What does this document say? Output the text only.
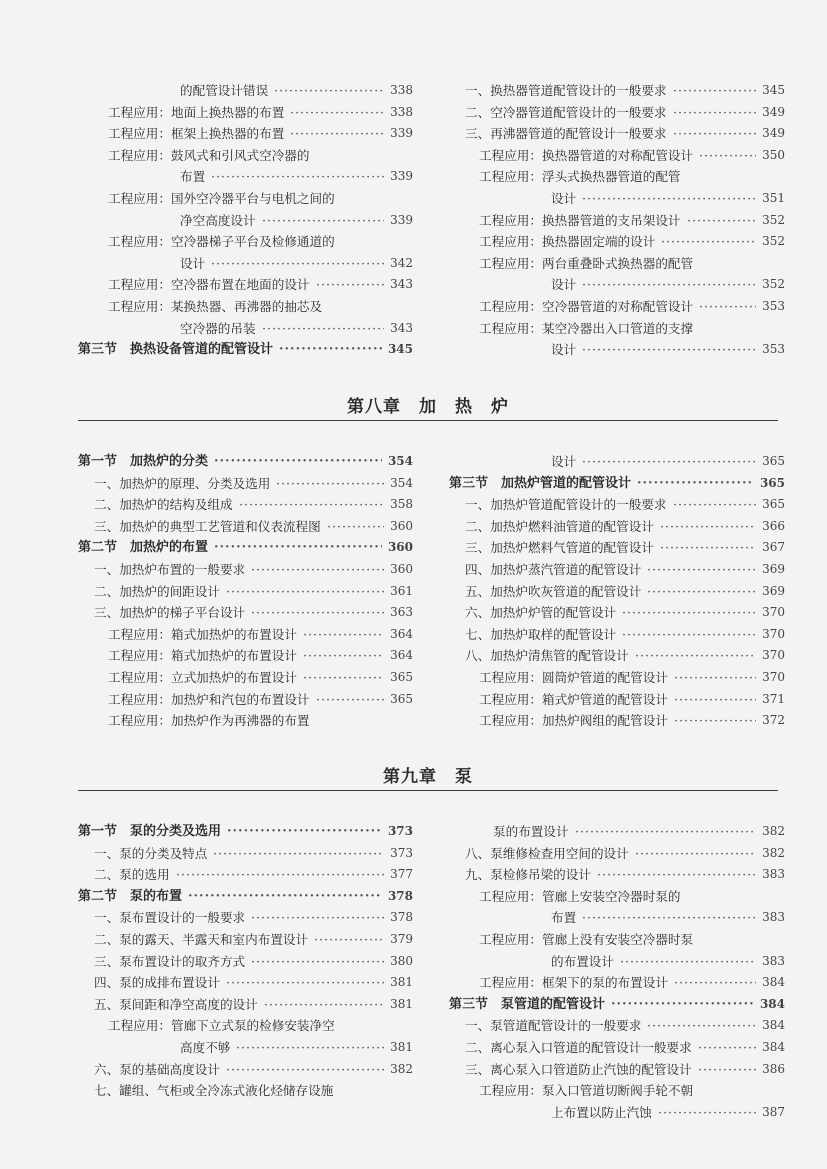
的配管设计错误 ·····	338
工程应用：地面上换热器的布置 ·····	338
工程应用：框架上换热器的布置 ·····	339
工程应用：鼓风式和引风式空冷器的
布置 ·····	339
工程应用：国外空冷器平台与电机之间的
净空高度设计 ·····	339
工程应用：空冷器梯子平台及检修通道的
设计 ·····	342
工程应用：空冷器布置在地面的设计 ·····	343
工程应用：某换热器、再沸器的抽芯及
空冷器的吊装 ·····	343
第三节　换热设备管道的配管设计 ·····	345
一、换热器管道配管设计的一般要求 ·····	345
二、空冷器管道配管设计的一般要求 ·····	349
三、再沸器管道的配管设计一般要求 ·····	349
工程应用：换热器管道的对称配管设计 ·····	350
工程应用：浮头式换热器管道的配管
设计 ·····	351
工程应用：换热器管道的支吊架设计 ·····	352
工程应用：换热器固定端的设计 ·····	352
工程应用：两台重叠卧式换热器的配管
设计 ·····	352
工程应用：空冷器管道的对称配管设计 ·····	353
工程应用：某空冷器出入口管道的支撑
设计 ·····	353
第八章　加　热　炉
第一节　加热炉的分类 ·····	354
一、加热炉的原理、分类及选用 ·····	354
二、加热炉的结构及组成 ·····	358
三、加热炉的典型工艺管道和仪表流程图 ·····	360
第二节　加热炉的布置 ·····	360
一、加热炉布置的一般要求 ·····	360
二、加热炉的间距设计 ·····	361
三、加热炉的梯子平台设计 ·····	363
工程应用：箱式加热炉的布置设计 ·····	364
工程应用：箱式加热炉的布置设计 ·····	364
工程应用：立式加热炉的布置设计 ·····	365
工程应用：加热炉和汽包的布置设计 ·····	365
工程应用：加热炉作为再沸器的布置
设计 ·····	365
第三节　加热炉管道的配管设计 ·····	365
一、加热炉管道配管设计的一般要求 ·····	365
二、加热炉燃料油管道的配管设计 ·····	366
三、加热炉燃料气管道的配管设计 ·····	367
四、加热炉蒸汽管道的配管设计 ·····	369
五、加热炉吹灰管道的配管设计 ·····	369
六、加热炉炉管的配管设计 ·····	370
七、加热炉取样的配管设计 ·····	370
八、加热炉清焦管的配管设计 ·····	370
工程应用：圆筒炉管道的配管设计 ·····	370
工程应用：箱式炉管道的配管设计 ·····	371
工程应用：加热炉阀组的配管设计 ·····	372
第九章　泵
第一节　泵的分类及选用 ·····	373
一、泵的分类及特点 ·····	373
二、泵的选用 ·····	377
第二节　泵的布置 ·····	378
一、泵布置设计的一般要求 ·····	378
二、泵的露天、半露天和室内布置设计 ·····	379
三、泵布置设计的取齐方式 ·····	380
四、泵的成排布置设计 ·····	381
五、泵间距和净空高度的设计 ·····	381
工程应用：管廊下立式泵的检修安装净空
高度不够 ·····	381
六、泵的基础高度设计 ·····	382
七、罐组、气柜或全冷冻式液化烃储存设施
泵的布置设计 ·····	382
八、泵维修检查用空间的设计 ·····	382
九、泵检修吊梁的设计 ·····	383
工程应用：管廊上安装空冷器时泵的
布置 ·····	383
工程应用：管廊上没有安装空冷器时泵
的布置设计 ·····	383
工程应用：框架下的泵的布置设计 ·····	384
第三节　泵管道的配管设计 ·····	384
一、泵管道配管设计的一般要求 ·····	384
二、离心泵入口管道的配管设计一般要求 ·····	384
三、离心泵入口管道防止汽蚀的配管设计 ·····	386
工程应用：泵入口管道切断阀手轮不朝
上布置以防止汽蚀 ·····	387
